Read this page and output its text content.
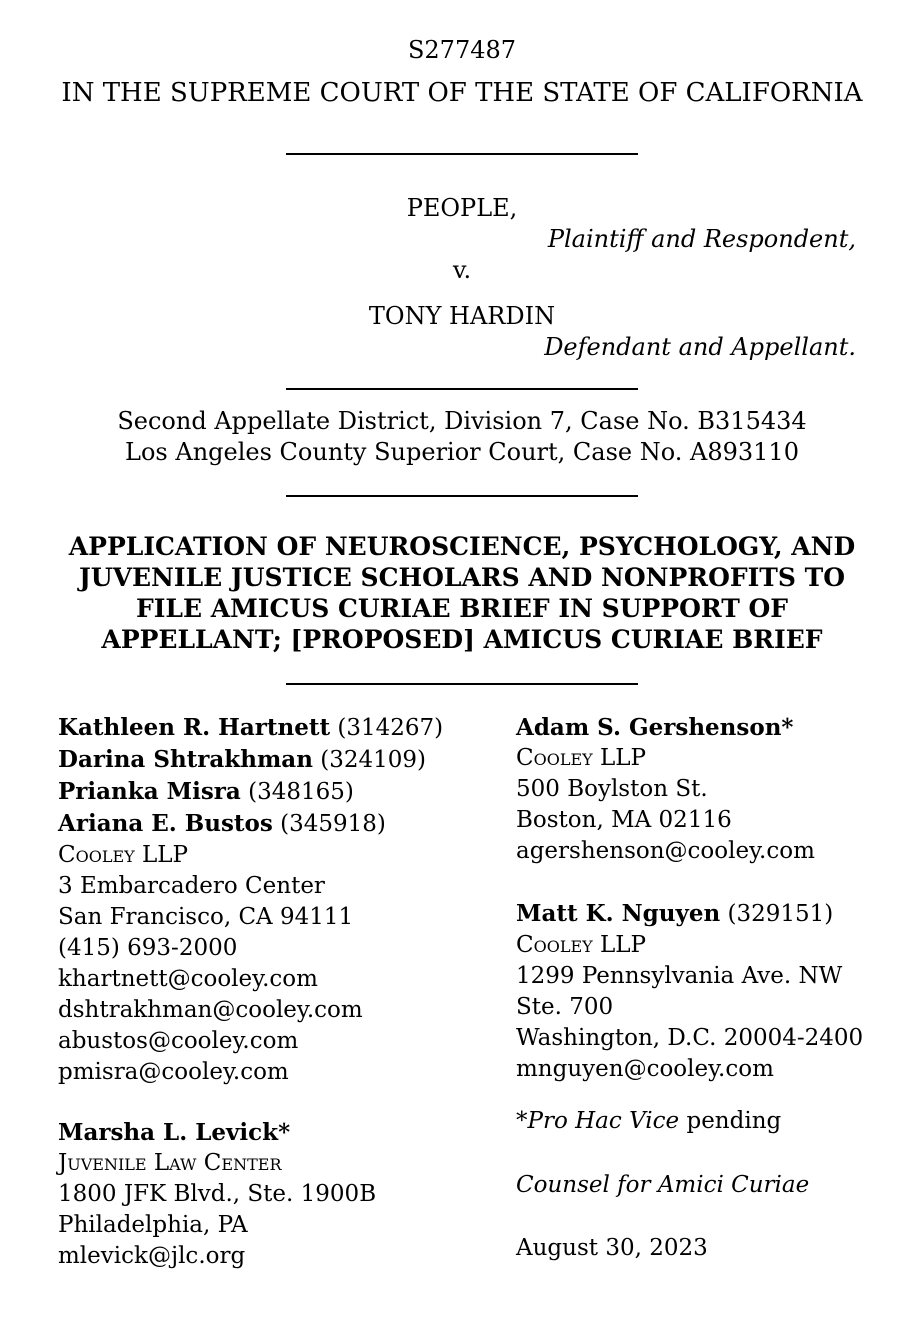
S277487
IN THE SUPREME COURT OF THE STATE OF CALIFORNIA
PEOPLE,
Plaintiff and Respondent,
v.
TONY HARDIN
Defendant and Appellant.
Second Appellate District, Division 7, Case No. B315434
Los Angeles County Superior Court, Case No. A893110
APPLICATION OF NEUROSCIENCE, PSYCHOLOGY, AND
JUVENILE JUSTICE SCHOLARS AND NONPROFITS TO
FILE AMICUS CURIAE BRIEF IN SUPPORT OF
APPELLANT; [PROPOSED] AMICUS CURIAE BRIEF
Kathleen R. Hartnett (314267)
Darina Shtrakhman (324109)
Prianka Misra (348165)
Ariana E. Bustos (345918)
Cooley LLP
3 Embarcadero Center
San Francisco, CA 94111
(415) 693-2000
khartnett@cooley.com
dshtrakhman@cooley.com
abustos@cooley.com
pmisra@cooley.com
Marsha L. Levick*
Juvenile Law Center
1800 JFK Blvd., Ste. 1900B
Philadelphia, PA
mlevick@jlc.org
Adam S. Gershenson*
Cooley LLP
500 Boylston St.
Boston, MA 02116
agershenson@cooley.com
Matt K. Nguyen (329151)
Cooley LLP
1299 Pennsylvania Ave. NW
Ste. 700
Washington, D.C. 20004-2400
mnguyen@cooley.com
*Pro Hac Vice pending
Counsel for Amici Curiae
August 30, 2023
